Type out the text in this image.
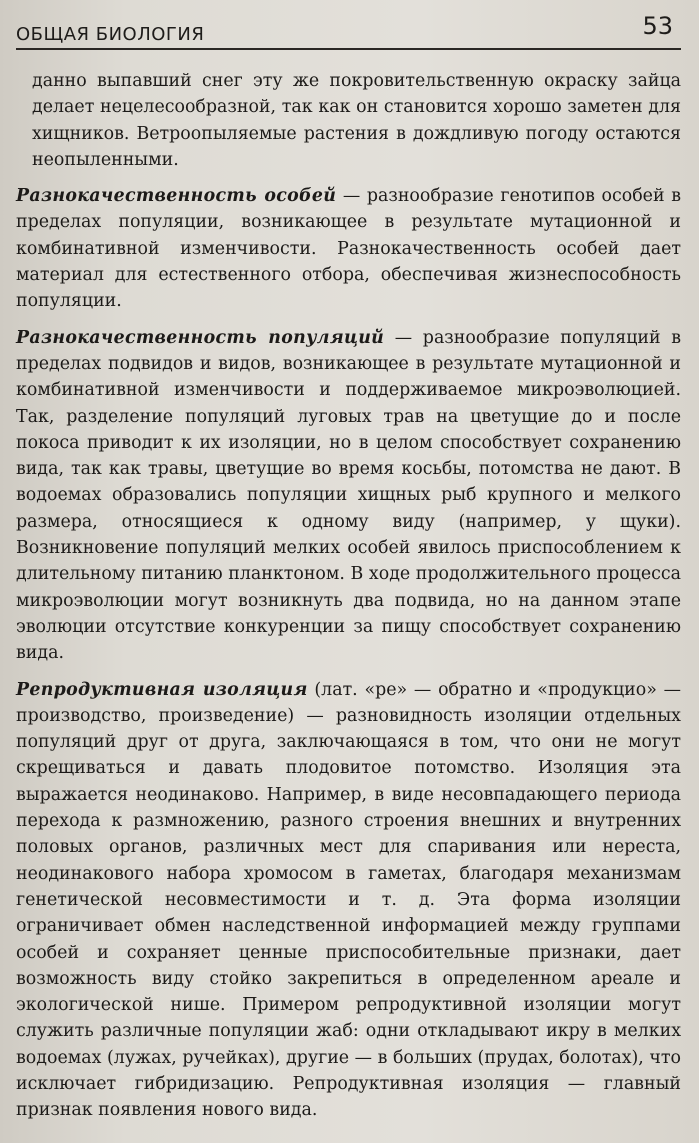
ОБЩАЯ БИОЛОГИЯ	53

данно выпавший снег эту же покровительственную окраску зайца делает нецелесообразной, так как он становится хорошо заметен для хищников. Ветроопыляемые растения в дождливую погоду остаются неопыленными.

Разнокачественность особей — разнообразие генотипов особей в пределах популяции, возникающее в результате мутационной и комбинативной изменчивости. Разнокачественность особей дает материал для естественного отбора, обеспечивая жизнеспособность популяции.

Разнокачественность популяций — разнообразие популяций в пределах подвидов и видов, возникающее в результате мутационной и комбинативной изменчивости и поддерживаемое микроэволюцией. Так, разделение популяций луговых трав на цветущие до и после покоса приводит к их изоляции, но в целом способствует сохранению вида, так как травы, цветущие во время косьбы, потомства не дают. В водоемах образовались популяции хищных рыб крупного и мелкого размера, относящиеся к одному виду (например, у щуки). Возникновение популяций мелких особей явилось приспособлением к длительному питанию планктоном. В ходе продолжительного процесса микроэволюции могут возникнуть два подвида, но на данном этапе эволюции отсутствие конкуренции за пищу способствует сохранению вида.

Репродуктивная изоляция (лат. «ре» — обратно и «продукцио» — производство, произведение) — разновидность изоляции отдельных популяций друг от друга, заключающаяся в том, что они не могут скрещиваться и давать плодовитое потомство. Изоляция эта выражается неодинаково. Например, в виде несовпадающего периода перехода к размножению, разного строения внешних и внутренних половых органов, различных мест для спаривания или нереста, неодинакового набора хромосом в гаметах, благодаря механизмам генетической несовместимости и т. д. Эта форма изоляции ограничивает обмен наследственной информацией между группами особей и сохраняет ценные приспособительные признаки, дает возможность виду стойко закрепиться в определенном ареале и экологической нише. Примером репродуктивной изоляции могут служить различные популяции жаб: одни откладывают икру в мелких водоемах (лужах, ручейках), другие — в больших (прудах, болотах), что исключает гибридизацию. Репродуктивная изоляция — главный признак появления нового вида.
